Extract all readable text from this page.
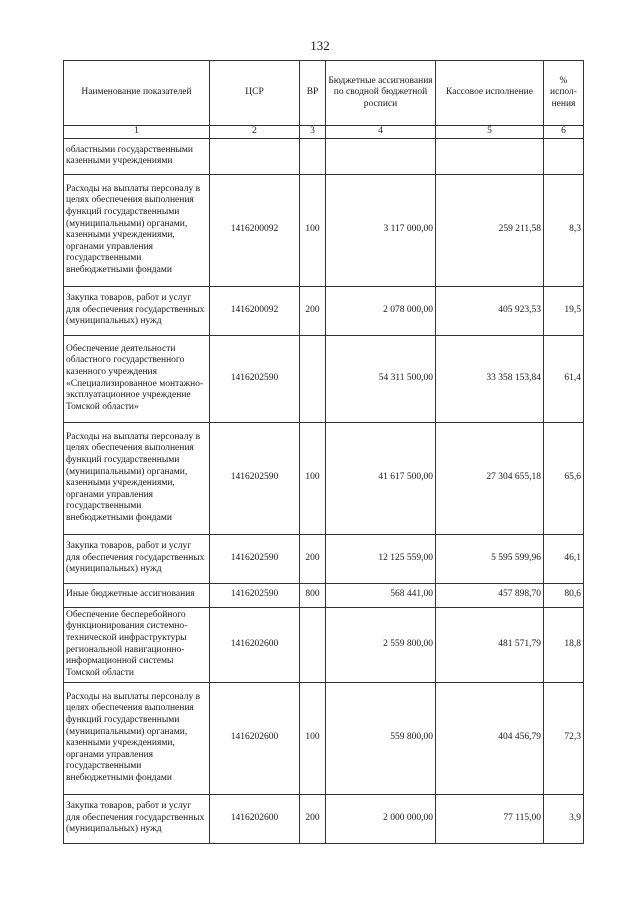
132
Наименование показателей	ЦСР	ВР	Бюджетные ассигнования по сводной бюджетной росписи	Кассовое исполнение	% испол-нения
1	2	3	4	5	6
областными государственными казенными учреждениями					
Расходы на выплаты персоналу в целях обеспечения выполнения функций государственными (муниципальными) органами, казенными учреждениями, органами управления государственными внебюджетными фондами	1416200092	100	3 117 000,00	259 211,58	8,3
Закупка товаров, работ и услуг для обеспечения государственных (муниципальных) нужд	1416200092	200	2 078 000,00	405 923,53	19,5
Обеспечение деятельности областного государственного казенного учреждения «Специализированное монтажно-эксплуатационное учреждение Томской области»	1416202590		54 311 500,00	33 358 153,84	61,4
Расходы на выплаты персоналу в целях обеспечения выполнения функций государственными (муниципальными) органами, казенными учреждениями, органами управления государственными внебюджетными фондами	1416202590	100	41 617 500,00	27 304 655,18	65,6
Закупка товаров, работ и услуг для обеспечения государственных (муниципальных) нужд	1416202590	200	12 125 559,00	5 595 599,96	46,1
Иные бюджетные ассигнования	1416202590	800	568 441,00	457 898,70	80,6
Обеспечение бесперебойного функционирования системно-технической инфраструктуры региональной навигационно-информационной системы Томской области	1416202600		2 559 800,00	481 571,79	18,8
Расходы на выплаты персоналу в целях обеспечения выполнения функций государственными (муниципальными) органами, казенными учреждениями, органами управления государственными внебюджетными фондами	1416202600	100	559 800,00	404 456,79	72,3
Закупка товаров, работ и услуг для обеспечения государственных (муниципальных) нужд	1416202600	200	2 000 000,00	77 115,00	3,9
